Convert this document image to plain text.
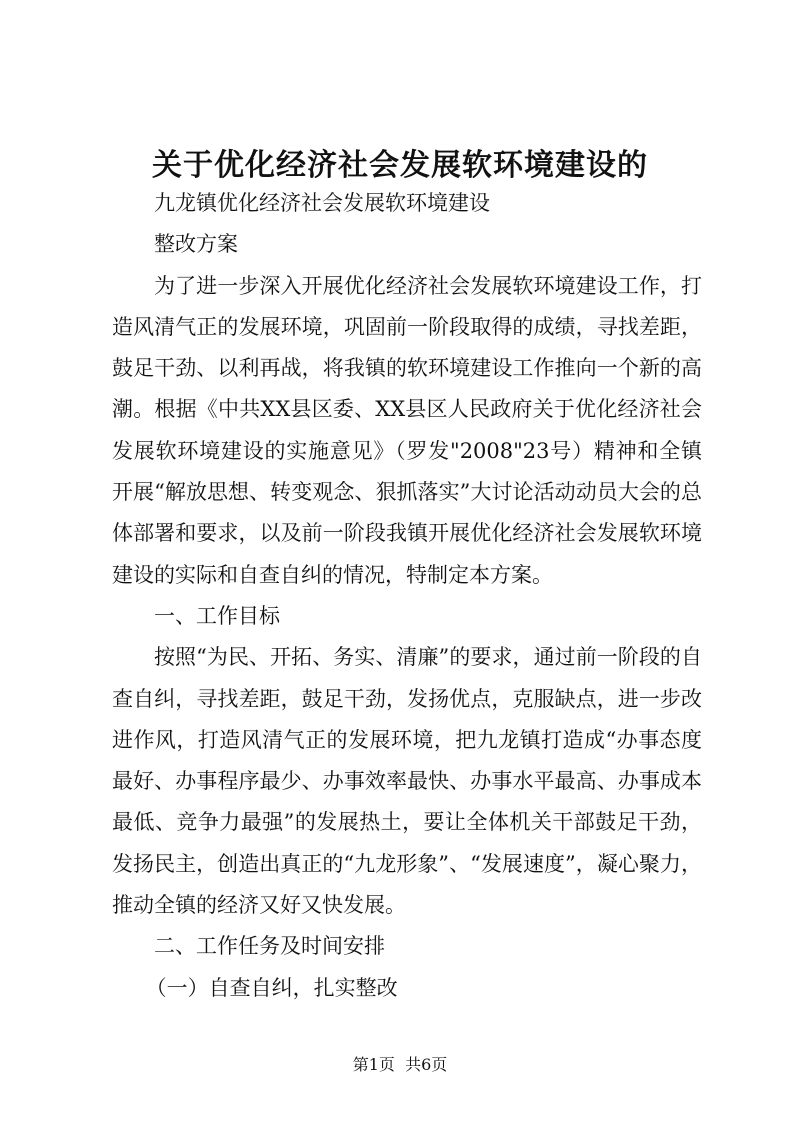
关于优化经济社会发展软环境建设的

九龙镇优化经济社会发展软环境建设

整改方案

为了进一步深入开展优化经济社会发展软环境建设工作，打造风清气正的发展环境，巩固前一阶段取得的成绩，寻找差距，鼓足干劲、以利再战，将我镇的软环境建设工作推向一个新的高潮。根据《中共XX县区委、XX县区人民政府关于优化经济社会发展软环境建设的实施意见》（罗发"2008"23号）精神和全镇开展“解放思想、转变观念、狠抓落实”大讨论活动动员大会的总体部署和要求，以及前一阶段我镇开展优化经济社会发展软环境建设的实际和自查自纠的情况，特制定本方案。

一、工作目标

按照“为民、开拓、务实、清廉”的要求，通过前一阶段的自查自纠，寻找差距，鼓足干劲，发扬优点，克服缺点，进一步改进作风，打造风清气正的发展环境，把九龙镇打造成“办事态度最好、办事程序最少、办事效率最快、办事水平最高、办事成本最低、竞争力最强”的发展热土，要让全体机关干部鼓足干劲，发扬民主，创造出真正的“九龙形象”、“发展速度”，凝心聚力，推动全镇的经济又好又快发展。

二、工作任务及时间安排

（一）自查自纠，扎实整改

第1页  共6页
